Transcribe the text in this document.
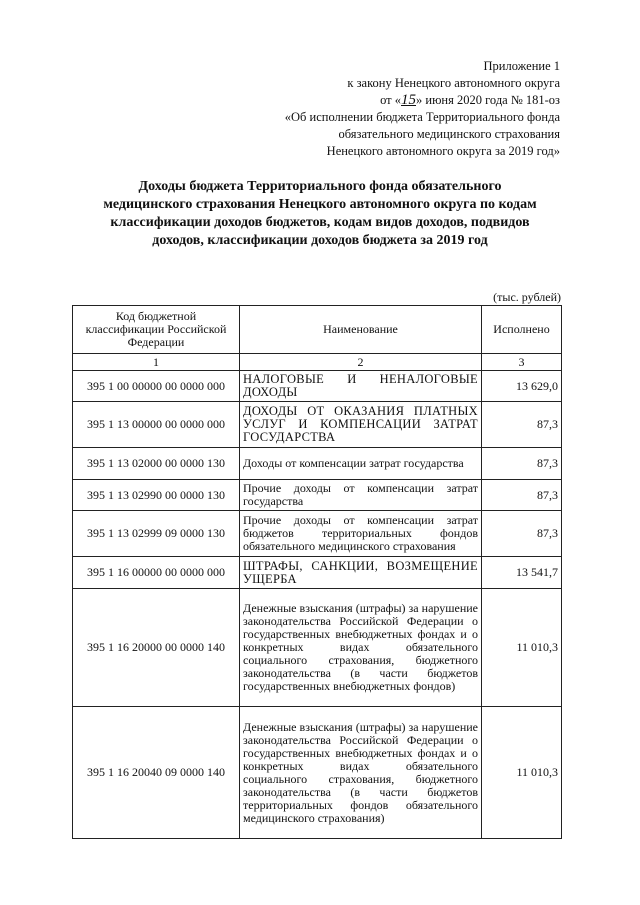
Приложение 1
к закону Ненецкого автономного округа
от «15» июня 2020 года № 181-оз
«Об исполнении бюджета Территориального фонда
обязательного медицинского страхования
Ненецкого автономного округа за 2019 год»
Доходы бюджета Территориального фонда обязательного
медицинского страхования Ненецкого автономного округа по кодам
классификации доходов бюджетов, кодам видов доходов, подвидов
доходов, классификации доходов бюджета за 2019 год
(тыс. рублей)
Код бюджетной классификации Российской Федерации	Наименование	Исполнено
1	2	3
395 1 00 00000 00 0000 000	НАЛОГОВЫЕ И НЕНАЛОГОВЫЕ ДОХОДЫ	13 629,0
395 1 13 00000 00 0000 000	ДОХОДЫ ОТ ОКАЗАНИЯ ПЛАТНЫХ УСЛУГ И КОМПЕНСАЦИИ ЗАТРАТ ГОСУДАРСТВА	87,3
395 1 13 02000 00 0000 130	Доходы от компенсации затрат государства	87,3
395 1 13 02990 00 0000 130	Прочие доходы от компенсации затрат государства	87,3
395 1 13 02999 09 0000 130	Прочие доходы от компенсации затрат бюджетов территориальных фондов обязательного медицинского страхования	87,3
395 1 16 00000 00 0000 000	ШТРАФЫ, САНКЦИИ, ВОЗМЕЩЕНИЕ УЩЕРБА	13 541,7
395 1 16 20000 00 0000 140	Денежные взыскания (штрафы) за нарушение законодательства Российской Федерации о государственных внебюджетных фондах и о конкретных видах обязательного социального страхования, бюджетного законодательства (в части бюджетов государственных внебюджетных фондов)	11 010,3
395 1 16 20040 09 0000 140	Денежные взыскания (штрафы) за нарушение законодательства Российской Федерации о государственных внебюджетных фондах и о конкретных видах обязательного социального страхования, бюджетного законодательства (в части бюджетов территориальных фондов обязательного медицинского страхования)	11 010,3
